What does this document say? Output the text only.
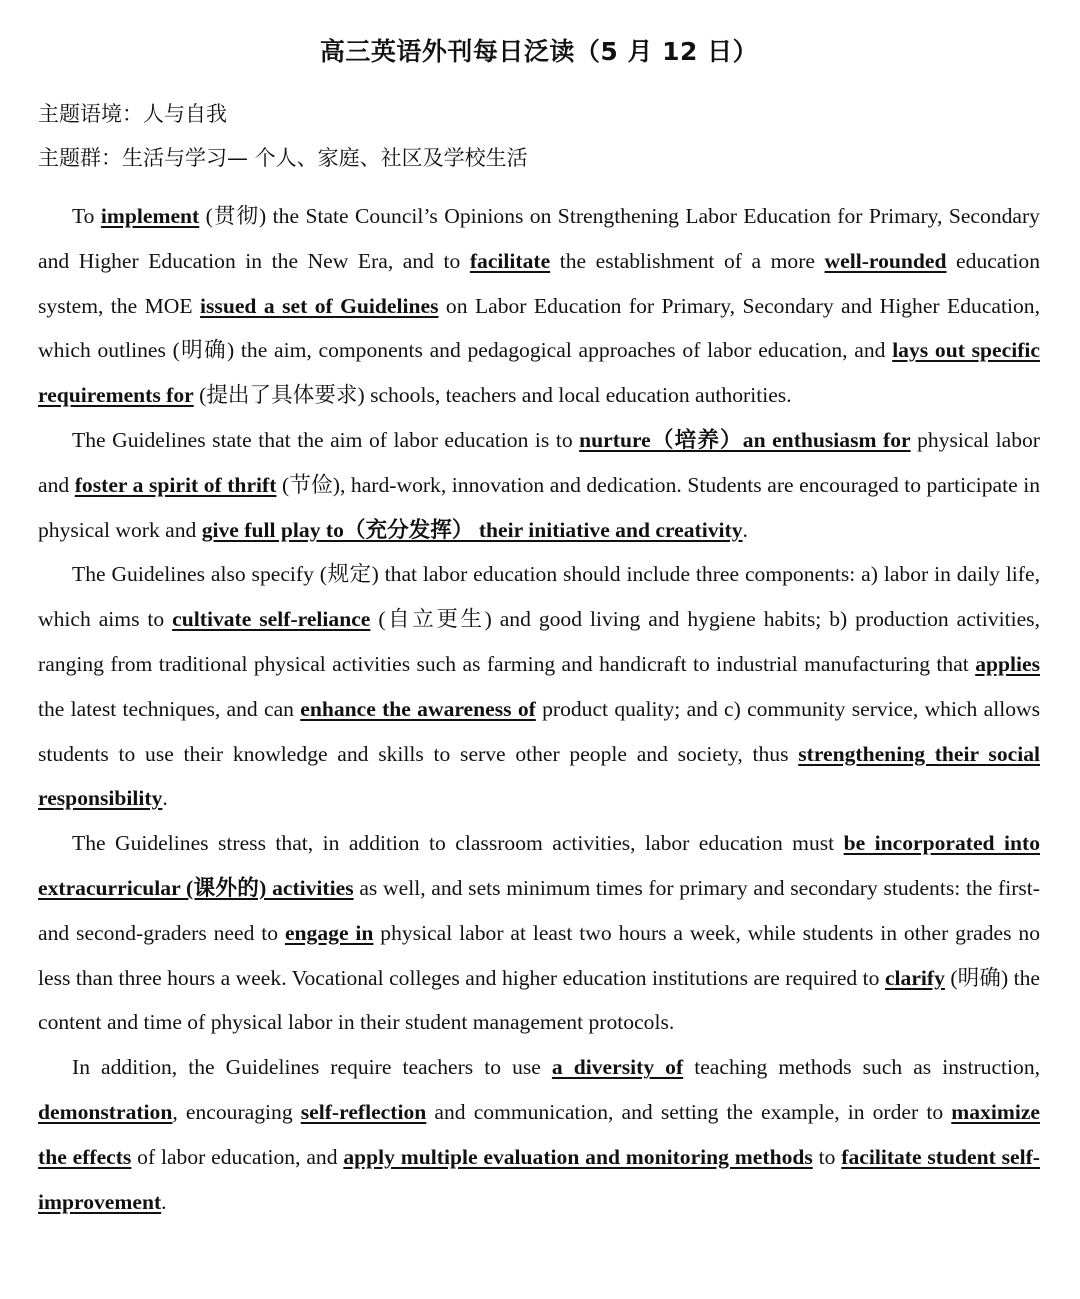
高三英语外刊每日泛读（5 月 12 日）
主题语境：人与自我
主题群：生活与学习— 个人、家庭、社区及学校生活

To implement (贯彻) the State Council’s Opinions on Strengthening Labor Education for Primary, Secondary and Higher Education in the New Era, and to facilitate the establishment of a more well-rounded education system, the MOE issued a set of Guidelines on Labor Education for Primary, Secondary and Higher Education, which outlines (明确) the aim, components and pedagogical approaches of labor education, and lays out specific requirements for (提出了具体要求) schools, teachers and local education authorities.

The Guidelines state that the aim of labor education is to nurture（培养）an enthusiasm for physical labor and foster a spirit of thrift (节俭), hard-work, innovation and dedication. Students are encouraged to participate in physical work and give full play to（充分发挥） their initiative and creativity.

The Guidelines also specify (规定) that labor education should include three components: a) labor in daily life, which aims to cultivate self-reliance (自立更生) and good living and hygiene habits; b) production activities, ranging from traditional physical activities such as farming and handicraft to industrial manufacturing that applies the latest techniques, and can enhance the awareness of product quality; and c) community service, which allows students to use their knowledge and skills to serve other people and society, thus strengthening their social responsibility.

The Guidelines stress that, in addition to classroom activities, labor education must be incorporated into extracurricular (课外的) activities as well, and sets minimum times for primary and secondary students: the first- and second-graders need to engage in physical labor at least two hours a week, while students in other grades no less than three hours a week. Vocational colleges and higher education institutions are required to clarify (明确) the content and time of physical labor in their student management protocols.

In addition, the Guidelines require teachers to use a diversity of teaching methods such as instruction, demonstration, encouraging self-reflection and communication, and setting the example, in order to maximize the effects of labor education, and apply multiple evaluation and monitoring methods to facilitate student self-improvement.
